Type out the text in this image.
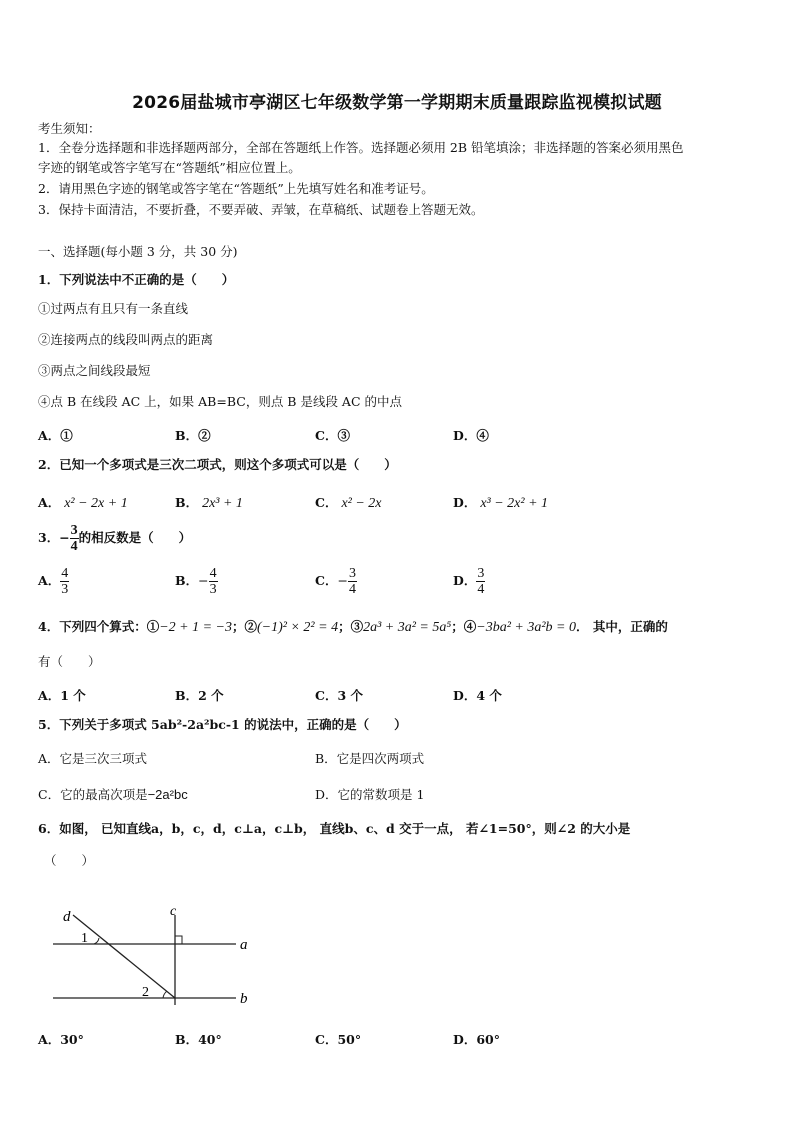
2026届盐城市亭湖区七年级数学第一学期期末质量跟踪监视模拟试题
考生须知：
1．全卷分选择题和非选择题两部分，全部在答题纸上作答。选择题必须用 2B 铅笔填涂；非选择题的答案必须用黑色
字迹的钢笔或答字笔写在“答题纸”相应位置上。
2．请用黑色字迹的钢笔或答字笔在“答题纸”上先填写姓名和准考证号。
3．保持卡面清洁，不要折叠，不要弄破、弄皱，在草稿纸、试题卷上答题无效。
一、选择题(每小题 3 分，共 30 分)
1．下列说法中不正确的是（　　）
①过两点有且只有一条直线
②连接两点的线段叫两点的距离
③两点之间线段最短
④点 B 在线段 AC 上，如果 AB=BC，则点 B 是线段 AC 的中点
A．①	B．②	C．③	D．④
2．已知一个多项式是三次二项式，则这个多项式可以是（　　）
A． x² − 2x + 1	B． 2x³ + 1	C． x² − 2x	D． x³ − 2x² + 1
3．− $\frac{3}{4}$ 的相反数是（　　）
A． $\frac{4}{3}$	B．− $\frac{4}{3}$	C．− $\frac{3}{4}$	D． $\frac{3}{4}$
4．下列四个算式：①−2 + 1 = −3；②(−1)² × 2² = 4；③2a³ + 3a² = 5a⁵；④−3ba² + 3a²b = 0． 其中，正确的
有（　　）
A．1 个	B．2 个	C．3 个	D．4 个
5．下列关于多项式 5ab²-2a²bc-1 的说法中，正确的是（　　）
A．它是三次三项式	B．它是四次两项式
C．它的最高次项是−2a²bc	D．它的常数项是 1
6．如图， 已知直线a，b，c，d，c⊥a，c⊥b， 直线b、c、d 交于一点， 若∠1=50°，则∠2 的大小是
（　　）
d	c
a
b
1
2
A．30°	B．40°	C．50°	D．60°
